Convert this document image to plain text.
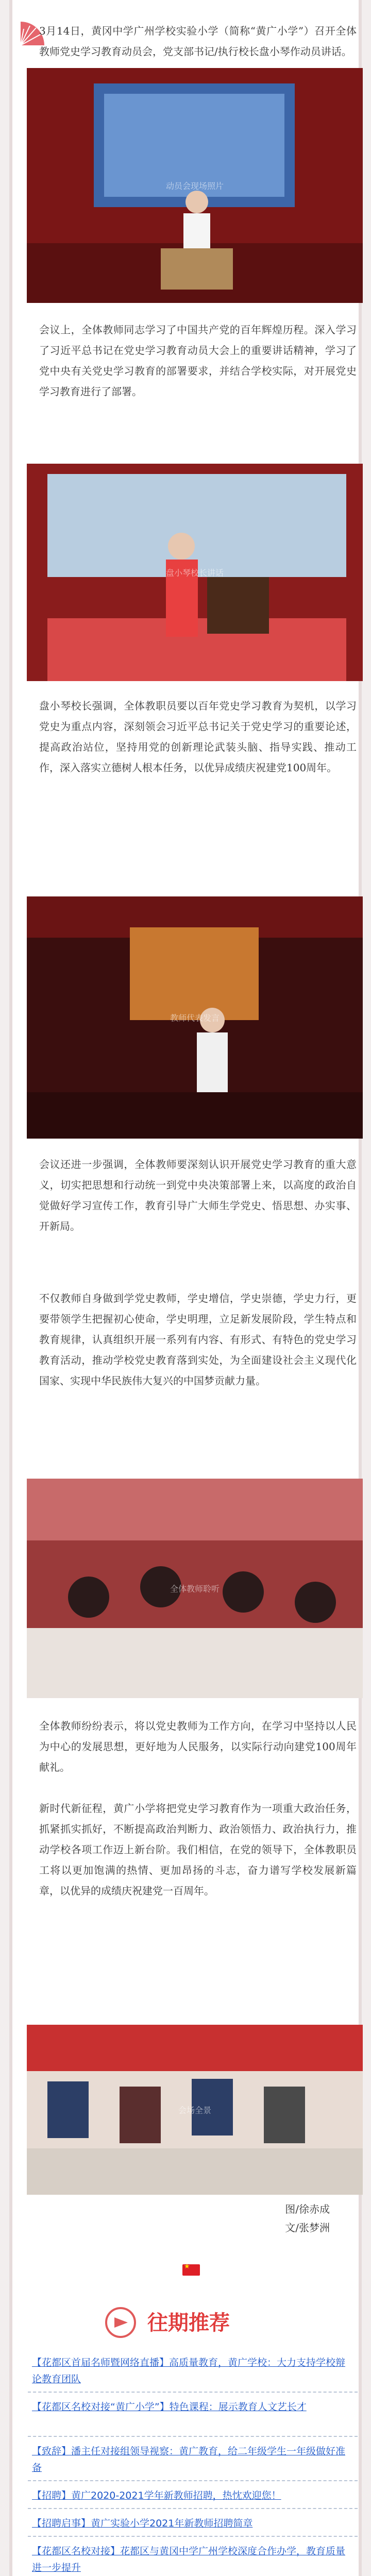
3月14日，黄冈中学广州学校实验小学（简称“黄广小学”）召开全体教师党史学习教育动员会，党支部书记/执行校长盘小琴作动员讲话。

动员会现场照片

会议上，全体教师同志学习了中国共产党的百年辉煌历程。深入学习了习近平总书记在党史学习教育动员大会上的重要讲话精神，学习了党中央有关党史学习教育的部署要求，并结合学校实际，对开展党史学习教育进行了部署。

盘小琴校长讲话

盘小琴校长强调，全体教职员要以百年党史学习教育为契机，以学习党史为重点内容，深刻领会习近平总书记关于党史学习的重要论述，提高政治站位，坚持用党的创新理论武装头脑、指导实践、推动工作，深入落实立德树人根本任务，以优异成绩庆祝建党100周年。

教师代表发言

会议还进一步强调，全体教师要深刻认识开展党史学习教育的重大意义，切实把思想和行动统一到党中央决策部署上来，以高度的政治自觉做好学习宣传工作，教育引导广大师生学党史、悟思想、办实事、开新局。

不仅教师自身做到学党史教师，学史增信，学史崇德，学史力行，更要带领学生把握初心使命，学史明理，立足新发展阶段，学生特点和教育规律，认真组织开展一系列有内容、有形式、有特色的党史学习教育活动，推动学校党史教育落到实处，为全面建设社会主义现代化国家、实现中华民族伟大复兴的中国梦贡献力量。

全体教师聆听

全体教师纷纷表示，将以党史教师为工作方向，在学习中坚持以人民为中心的发展思想，更好地为人民服务，以实际行动向建党100周年献礼。

新时代新征程，黄广小学将把党史学习教育作为一项重大政治任务，抓紧抓实抓好，不断提高政治判断力、政治领悟力、政治执行力，推动学校各项工作迈上新台阶。我们相信，在党的领导下，全体教职员工将以更加饱满的热情、更加昂扬的斗志，奋力谱写学校发展新篇章，以优异的成绩庆祝建党一百周年。

会场全景
图/徐赤成
文/张梦洲
★
往期推荐
【花都区首届名师暨网络直播】高质量教育，黄广学校：大力支持学校辩论教育团队
【花都区名校对接“黄广小学”】特色课程：展示教育人文艺长才
【致辞】潘主任对接组领导视察：黄广教育，给二年级学生一年级做好准备
【招聘】黄广2020-2021学年新教师招聘，热忱欢迎您！
【招聘启事】黄广实验小学2021年新教师招聘简章
【花都区名校对接】花都区与黄冈中学广州学校深度合作办学，教育质量进一步提升
